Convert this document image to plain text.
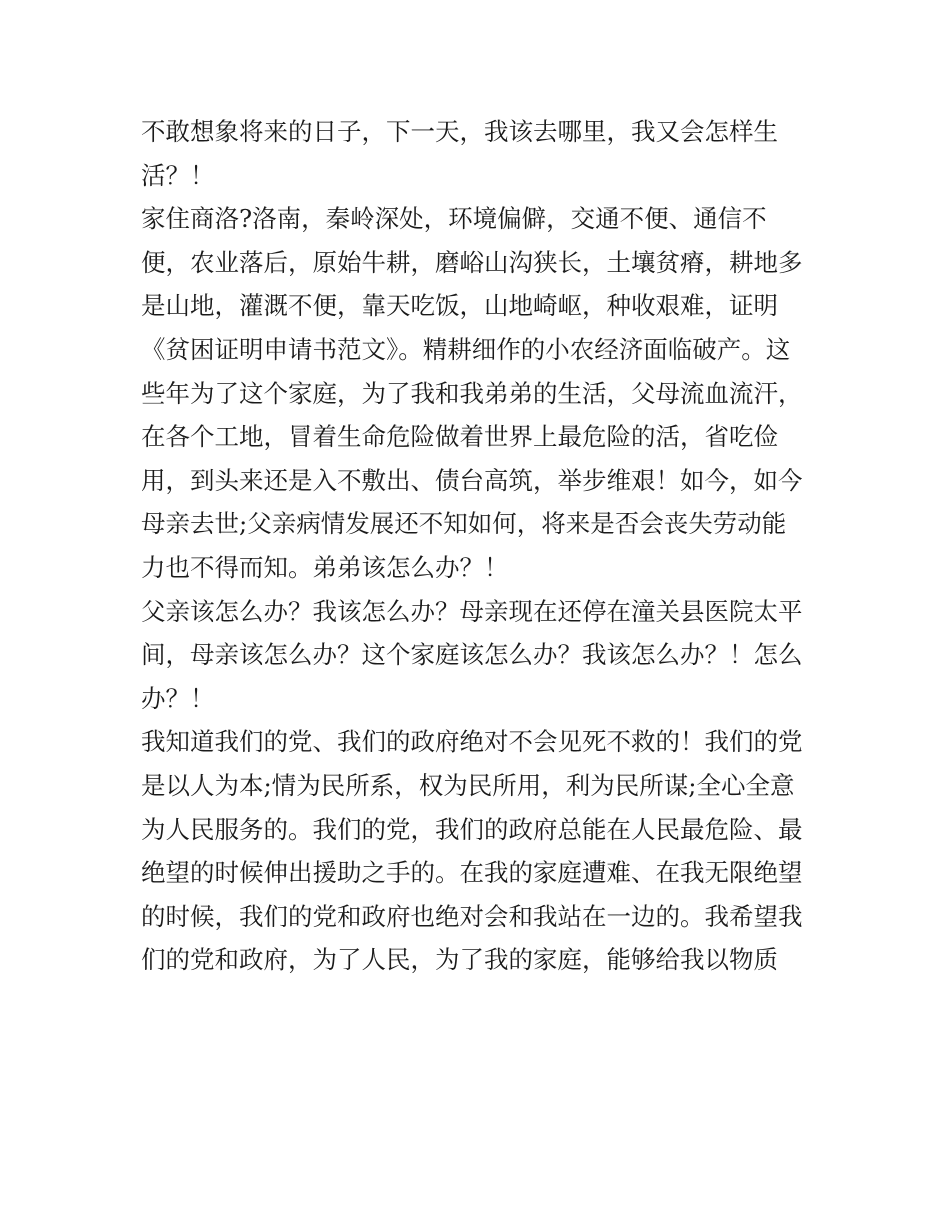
不敢想象将来的日子，下一天，我该去哪里，我又会怎样生
活？！
家住商洛?洛南，秦岭深处，环境偏僻，交通不便、通信不
便，农业落后，原始牛耕，磨峪山沟狭长，土壤贫瘠，耕地多
是山地，灌溉不便，靠天吃饭，山地崎岖，种收艰难，证明
《贫困证明申请书范文》。精耕细作的小农经济面临破产。这
些年为了这个家庭，为了我和我弟弟的生活，父母流血流汗，
在各个工地，冒着生命危险做着世界上最危险的活，省吃俭
用，到头来还是入不敷出、债台高筑，举步维艰！如今，如今
母亲去世;父亲病情发展还不知如何，将来是否会丧失劳动能
力也不得而知。弟弟该怎么办？！
父亲该怎么办？我该怎么办？母亲现在还停在潼关县医院太平
间，母亲该怎么办？这个家庭该怎么办？我该怎么办？！怎么
办？！
我知道我们的党、我们的政府绝对不会见死不救的！我们的党
是以人为本;情为民所系，权为民所用，利为民所谋;全心全意
为人民服务的。我们的党，我们的政府总能在人民最危险、最
绝望的时候伸出援助之手的。在我的家庭遭难、在我无限绝望
的时候，我们的党和政府也绝对会和我站在一边的。我希望我
们的党和政府，为了人民，为了我的家庭，能够给我以物质
